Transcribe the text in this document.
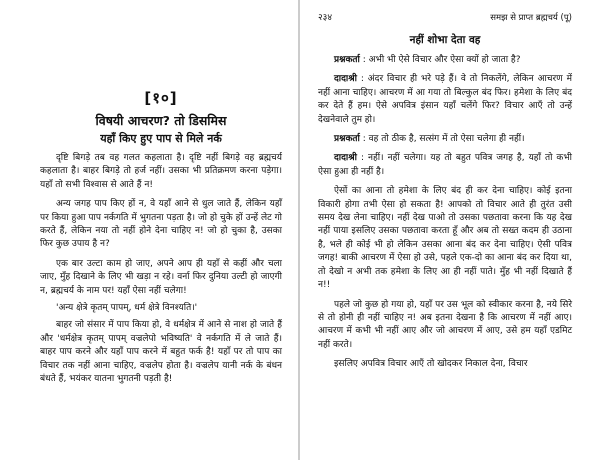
[१०]
विषयी आचरण? तो डिसमिस
यहाँ किए हुए पाप से मिले नर्क

दृष्टि बिगड़े तब वह गलत कहलाता है। दृष्टि नहीं बिगड़े वह ब्रह्मचर्य कहलाता है। बाहर बिगड़े तो हर्ज नहीं। उसका भी प्रतिक्रमण करना पड़ेगा। यहाँ तो सभी विश्वास से आते हैं न!

अन्य जगह पाप किए हों न, वे यहाँ आने से धुल जाते हैं, लेकिन यहाँ पर किया हुआ पाप नर्कगति में भुगतना पड़ता है। जो हो चुके हों उन्हें लेट गो करते हैं, लेकिन नया तो नहीं होने देना चाहिए न! जो हो चुका है, उसका फिर कुछ उपाय है न?

एक बार उल्टा काम हो जाए, अपने आप ही यहाँ से कहीं और चला जाए, मुँह दिखाने के लिए भी खड़ा न रहे। वर्ना फिर दुनिया उल्टी हो जाएगी न, ब्रह्मचर्य के नाम पर! यहाँ ऐसा नहीं चलेगा!

'अन्य क्षेत्रे कृतम् पापम्, धर्म क्षेत्रे विनश्यति।'

बाहर जो संसार में पाप किया हो, वे धर्मक्षेत्र में आने से नाश हो जाते हैं और 'धर्मक्षेत्र कृतम् पापम् वज्रलेपो भविष्यति' वे नर्कगति में ले जाते हैं। बाहर पाप करने और यहाँ पाप करने में बहुत फर्क है! यहाँ पर तो पाप का विचार तक नहीं आना चाहिए, वज्रलेप होता है। वज्रलेप यानी नर्क के बंधन बंधते हैं, भयंकर यातना भुगतनी पड़ती है!

२३४	समझ से प्राप्त ब्रह्मचर्य (पू)
नहीं शोभा देता वह

प्रश्नकर्ता : अभी भी ऐसे विचार और ऐसा क्यों हो जाता है?

दादाश्री : अंदर विचार ही भरे पड़े हैं। वे तो निकलेंगे, लेकिन आचरण में नहीं आना चाहिए। आचरण में आ गया तो बिल्कुल बंद फिर। हमेशा के लिए बंद कर देते हैं हम। ऐसे अपवित्र इंसान यहाँ चलेंगे फिर? विचार आएँ तो उन्हें देखनेवाले तुम हो।

प्रश्नकर्ता : वह तो ठीक है, सत्संग में तो ऐसा चलेगा ही नहीं।

दादाश्री : नहीं। नहीं चलेगा। यह तो बहुत पवित्र जगह है, यहाँ तो कभी ऐसा हुआ ही नहीं है।

ऐसों का आना तो हमेशा के लिए बंद ही कर देना चाहिए। कोई इतना विकारी होगा तभी ऐसा हो सकता है! आपको तो विचार आते ही तुरंत उसी समय देख लेना चाहिए। नहीं देख पाओ तो उसका पछतावा करना कि यह देख नहीं पाया इसलिए उसका पछतावा करता हूँ और अब तो सख्त कदम ही उठाना है, भले ही कोई भी हो लेकिन उसका आना बंद कर देना चाहिए। ऐसी पवित्र जगह! बाकी आचरण में ऐसा हो उसे, पहले एक-दो का आना बंद कर दिया था, तो देखो न अभी तक हमेशा के लिए आ ही नहीं पाते। मुँह भी नहीं दिखाते हैं न!!

पहले जो कुछ हो गया हो, यहाँ पर उस भूल को स्वीकार करना है, नये सिरे से तो होनी ही नहीं चाहिए न! अब इतना देखना है कि आचरण में नहीं आए। आचरण में कभी भी नहीं आए और जो आचरण में आए, उसे हम यहाँ एडमिट नहीं करते।

इसलिए अपवित्र विचार आएँ तो खोदकर निकाल देना, विचार
